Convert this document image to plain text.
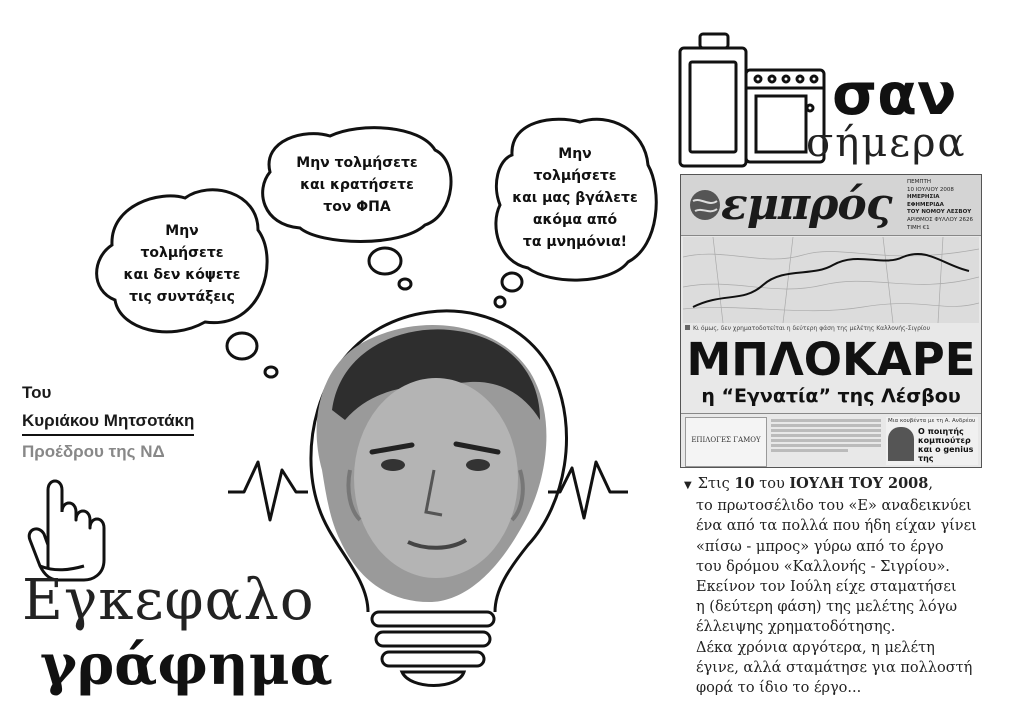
Μην
τολμήσετε
και δεν κόψετε
τις συντάξεις
Μην τολμήσετε
και κρατήσετε
τον ΦΠΑ
Μην
τολμήσετε
και μας βγάλετε
ακόμα από
τα μνημόνια!
Του
Κυριάκου Μητσοτάκη
Προέδρου της ΝΔ
Εγκεφαλο
γράφημα
σαν
σήμερα
εμπρός	ΠΕΜΠΤΗ
10 ΙΟΥΛΙΟΥ 2008
ΗΜΕΡΗΣΙΑ
ΕΦΗΜΕΡΙΔΑ
ΤΟΥ ΝΟΜΟΥ ΛΕΣΒΟΥ
ΑΡΙΘΜΟΣ ΦΥΛΛΟΥ 2626
ΤΙΜΗ €1
Κι όμως, δεν χρηματοδοτείται η δεύτερη φάση της μελέτης Καλλονής-Σιγρίου
ΜΠΛΟΚΑΡΕ
η “Εγνατία” της Λέσβου
ΕΠΙΛΟΓΕΣ ΓΑΜΟΥ
Μια κουβέντα με τη Α. Ανδρέου
Ο ποιητής κομπιούτερ και ο genius της

▼ Στις 10 του ΙΟΥΛΗ ΤΟΥ 2008,

το πρωτοσέλιδο του «Ε» αναδεικνύει

ένα από τα πολλά που ήδη είχαν γίνει

«πίσω - μπρος» γύρω από το έργο

του δρόμου «Καλλονής - Σιγρίου».

Εκείνον τον Ιούλη είχε σταματήσει

η (δεύτερη φάση) της μελέτης λόγω

έλλειψης χρηματοδότησης.

Δέκα χρόνια αργότερα, η μελέτη

έγινε, αλλά σταμάτησε για πολλοστή

φορά το ίδιο το έργο...
